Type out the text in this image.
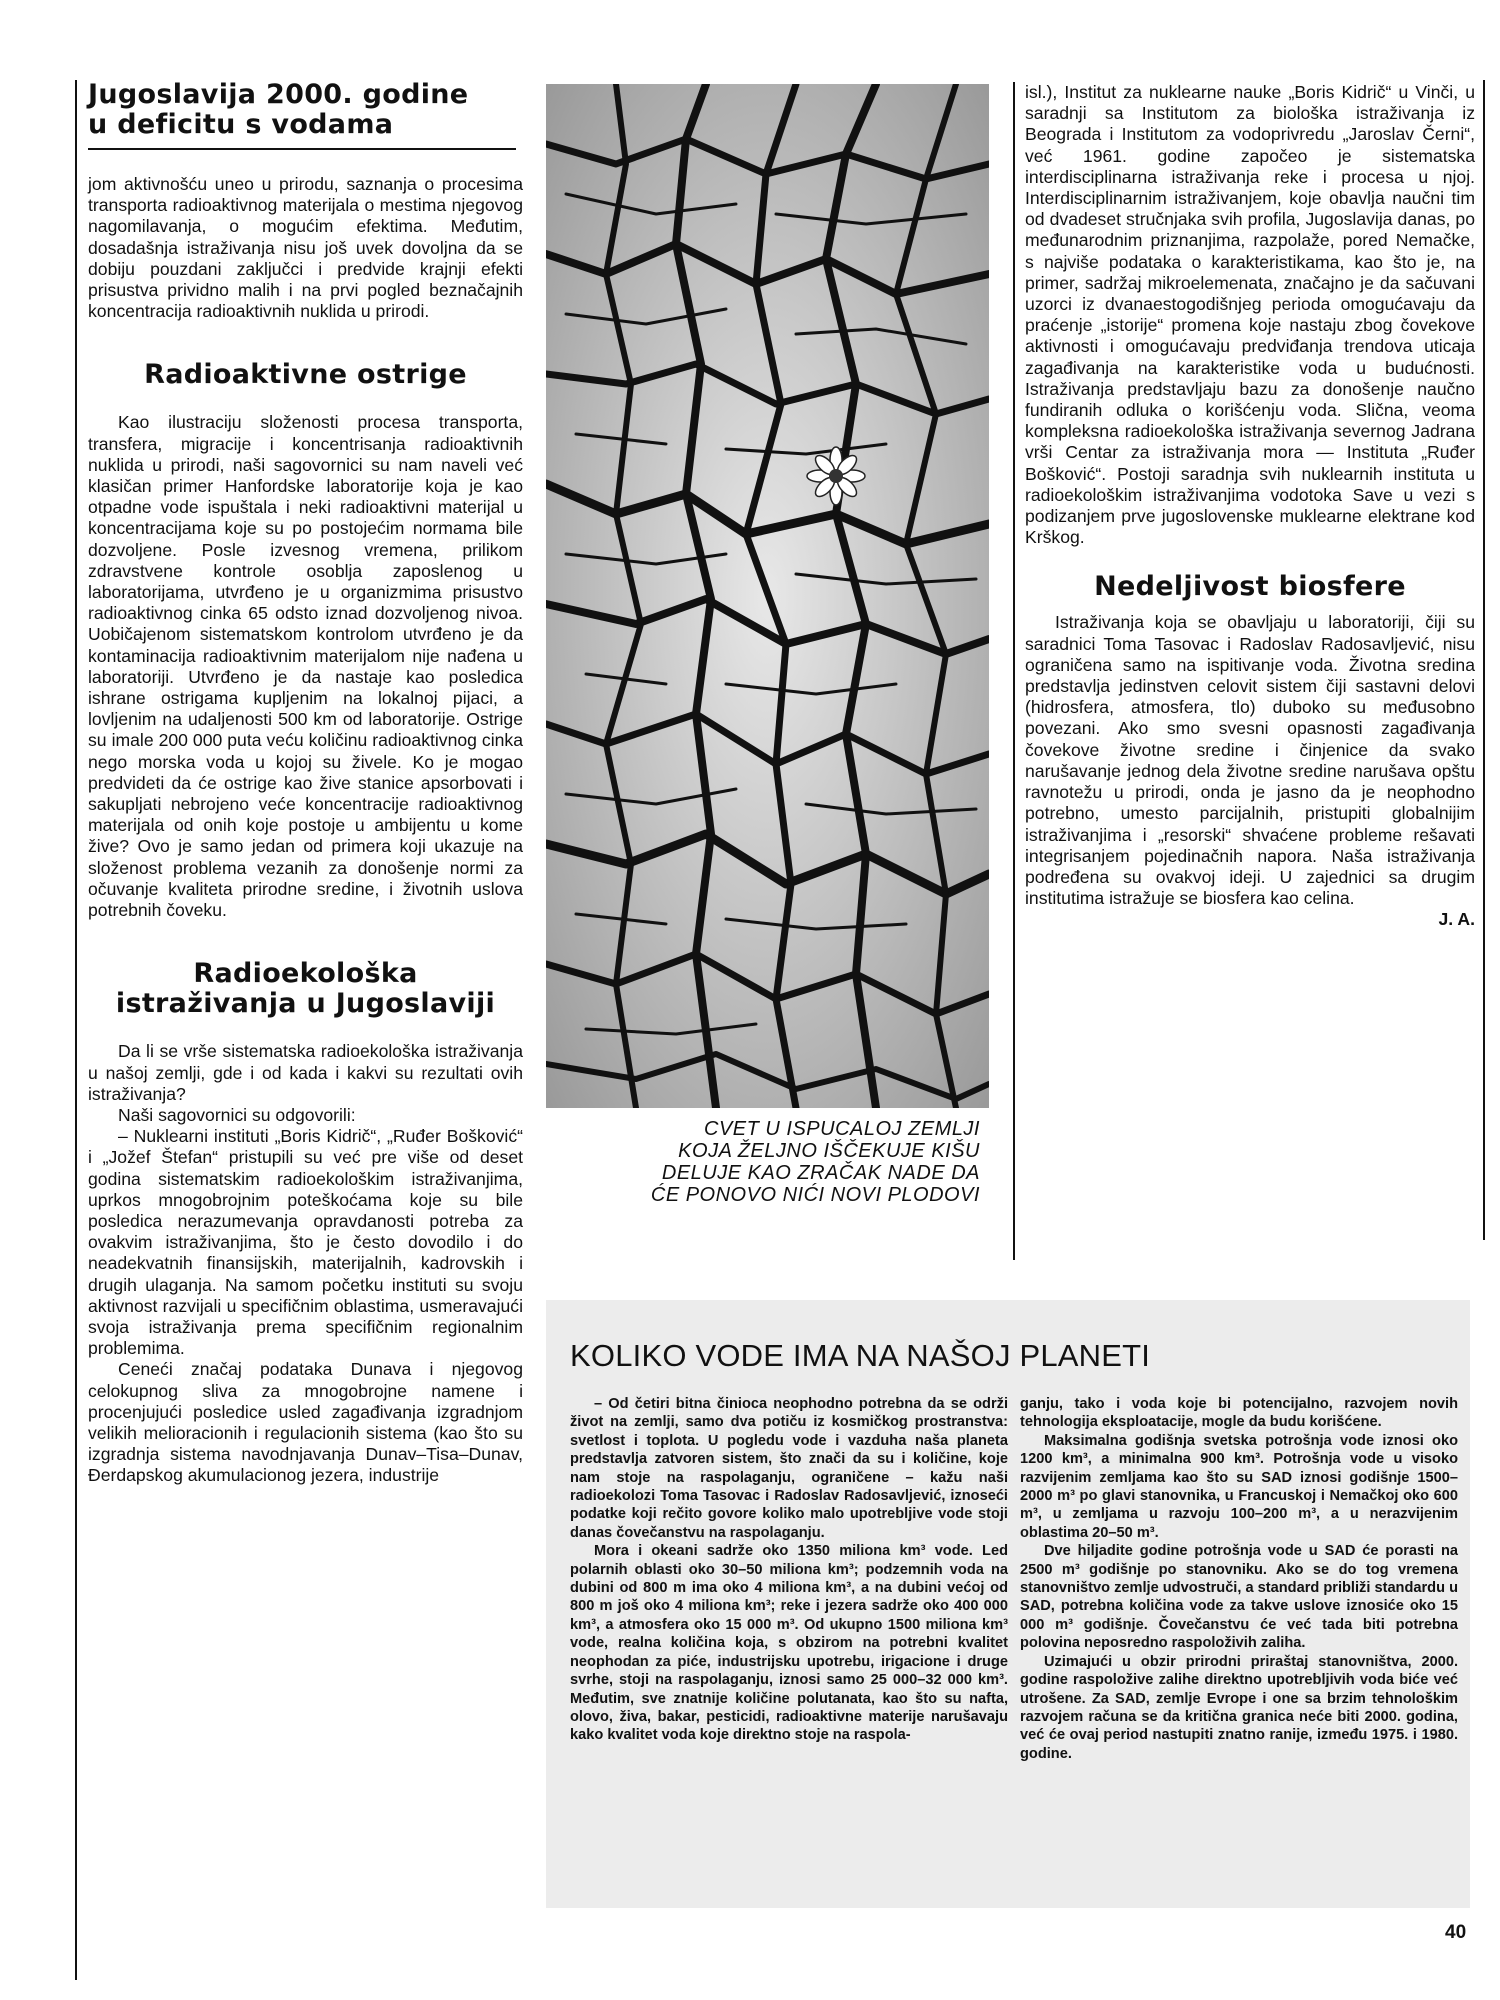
Jugoslavija 2000. godine
u deficitu s vodama

jom aktivnošću uneo u prirodu, saznanja o procesima transporta radioaktivnog materijala o mestima njegovog nagomilavanja, o mogućim efektima. Međutim, dosadašnja istraživanja nisu još uvek dovoljna da se dobiju pouzdani zaključci i predvide krajnji efekti prisustva prividno malih i na prvi pogled beznačajnih koncentracija radioaktivnih nuklida u prirodi.

Radioaktivne ostrige

Kao ilustraciju složenosti procesa transporta, transfera, migracije i koncentrisanja radioaktivnih nuklida u prirodi, naši sagovornici su nam naveli već klasičan primer Hanfordske laboratorije koja je kao otpadne vode ispuštala i neki radioaktivni materijal u koncentracijama koje su po postojećim normama bile dozvoljene. Posle izvesnog vremena, prilikom zdravstvene kontrole osoblja zaposlenog u laboratorijama, utvrđeno je u organizmima prisustvo radioaktivnog cinka 65 odsto iznad dozvoljenog nivoa. Uobičajenom sistematskom kontrolom utvrđeno je da kontaminacija radioaktivnim materijalom nije nađena u laboratoriji. Utvrđeno je da nastaje kao posledica ishrane ostrigama kupljenim na lokalnoj pijaci, a lovljenim na udaljenosti 500 km od laboratorije. Ostrige su imale 200 000 puta veću količinu radioaktivnog cinka nego morska voda u kojoj su živele. Ko je mogao predvideti da će ostrige kao žive stanice apsorbovati i sakupljati nebrojeno veće koncentracije radioaktivnog materijala od onih koje postoje u ambijentu u kome žive? Ovo je samo jedan od primera koji ukazuje na složenost problema vezanih za donošenje normi za očuvanje kvaliteta prirodne sredine, i životnih uslova potrebnih čoveku.

Radioekološka
istraživanja u Jugoslaviji

Da li se vrše sistematska radioekološka istraživanja u našoj zemlji, gde i od kada i kakvi su rezultati ovih istraživanja?

Naši sagovornici su odgovorili:

– Nuklearni instituti „Boris Kidrič“, „Ruđer Bošković“ i „Jožef Štefan“ pristupili su već pre više od deset godina sistematskim radioekološkim istraživanjima, uprkos mnogobrojnim poteškoćama koje su bile posledica nerazumevanja opravdanosti potreba za ovakvim istraživanjima, što je često dovodilo i do neadekvatnih finansijskih, materijalnih, kadrovskih i drugih ulaganja. Na samom početku instituti su svoju aktivnost razvijali u specifičnim oblastima, usmeravajući svoja istraživanja prema specifičnim regionalnim problemima.

Ceneći značaj podataka Dunava i njegovog celokupnog sliva za mnogobrojne namene i procenjujući posledice usled zagađivanja izgradnjom velikih melioracionih i regulacionih sistema (kao što su izgradnja sistema navodnjavanja Dunav–Tisa–Dunav, Đerdapskog akumulacionog jezera, industrije

CVET U ISPUCALOJ ZEMLJI KOJA ŽELJNO IŠČEKUJE KIŠU DELUJE KAO ZRAČAK NADE DA ĆE PONOVO NIĆI NOVI PLODOVI

isl.), Institut za nuklearne nauke „Boris Kidrič“ u Vinči, u saradnji sa Institutom za biološka istraživanja iz Beograda i Institutom za vodoprivredu „Jaroslav Černi“, već 1961. godine započeo je sistematska interdisciplinarna istraživanja reke i procesa u njoj. Interdisciplinarnim istraživanjem, koje obavlja naučni tim od dvadeset stručnjaka svih profila, Jugoslavija danas, po međunarodnim priznanjima, razpolaže, pored Nemačke, s najviše podataka o karakteristikama, kao što je, na primer, sadržaj mikroelemenata, značajno je da sačuvani uzorci iz dvanaestogodišnjeg perioda omogućavaju da praćenje „istorije“ promena koje nastaju zbog čovekove aktivnosti i omogućavaju predviđanja trendova uticaja zagađivanja na karakteristike voda u budućnosti. Istraživanja predstavljaju bazu za donošenje naučno fundiranih odluka o korišćenju voda. Slična, veoma kompleksna radioekološka istraživanja severnog Jadrana vrši Centar za istraživanja mora — Instituta „Ruđer Bošković“. Postoji saradnja svih nuklearnih instituta u radioekološkim istraživanjima vodotoka Save u vezi s podizanjem prve jugoslovenske muklearne elektrane kod Krškog.

Nedeljivost biosfere

Istraživanja koja se obavljaju u laboratoriji, čiji su saradnici Toma Tasovac i Radoslav Radosavljević, nisu ograničena samo na ispitivanje voda. Životna sredina predstavlja jedinstven celovit sistem čiji sastavni delovi (hidrosfera, atmosfera, tlo) duboko su međusobno povezani. Ako smo svesni opasnosti zagađivanja čovekove životne sredine i činjenice da svako narušavanje jednog dela životne sredine narušava opštu ravnotežu u prirodi, onda je jasno da je neophodno potrebno, umesto parcijalnih, pristupiti globalnijim istraživanjima i „resorski“ shvaćene probleme rešavati integrisanjem pojedinačnih napora. Naša istraživanja podređena su ovakvoj ideji. U zajednici sa drugim institutima istražuje se biosfera kao celina.

J. A.
KOLIKO VODE IMA NA NAŠOJ PLANETI

– Od četiri bitna činioca neophodno potrebna da se održi život na zemlji, samo dva potiču iz kosmičkog prostranstva: svetlost i toplota. U pogledu vode i vazduha naša planeta predstavlja zatvoren sistem, što znači da su i količine, koje nam stoje na raspolaganju, ograničene – kažu naši radioekolozi Toma Tasovac i Radoslav Radosavljević, iznoseći podatke koji rečito govore koliko malo upotrebljive vode stoji danas čovečanstvu na raspolaganju.

Mora i okeani sadrže oko 1350 miliona km³ vode. Led polarnih oblasti oko 30–50 miliona km³; podzemnih voda na dubini od 800 m ima oko 4 miliona km³, a na dubini većoj od 800 m još oko 4 miliona km³; reke i jezera sadrže oko 400 000 km³, a atmosfera oko 15 000 m³. Od ukupno 1500 miliona km³ vode, realna količina koja, s obzirom na potrebni kvalitet neophodan za piće, industrijsku upotrebu, irigacione i druge svrhe, stoji na raspolaganju, iznosi samo 25 000–32 000 km³. Međutim, sve znatnije količine polutanata, kao što su nafta, olovo, živa, bakar, pesticidi, radioaktivne materije narušavaju kako kvalitet voda koje direktno stoje na raspola-

ganju, tako i voda koje bi potencijalno, razvojem novih tehnologija eksploatacije, mogle da budu korišćene.

Maksimalna godišnja svetska potrošnja vode iznosi oko 1200 km³, a minimalna 900 km³. Potrošnja vode u visoko razvijenim zemljama kao što su SAD iznosi godišnje 1500–2000 m³ po glavi stanovnika, u Francuskoj i Nemačkoj oko 600 m³, u zemljama u razvoju 100–200 m³, a u nerazvijenim oblastima 20–50 m³.

Dve hiljadite godine potrošnja vode u SAD će porasti na 2500 m³ godišnje po stanovniku. Ako se do tog vremena stanovništvo zemlje udvostruči, a standard približi standardu u SAD, potrebna količina vode za takve uslove iznosiće oko 15 000 m³ godišnje. Čovečanstvu će već tada biti potrebna polovina neposredno raspoloživih zaliha.

Uzimajući u obzir prirodni priraštaj stanovništva, 2000. godine raspoložive zalihe direktno upotrebljivih voda biće već utrošene. Za SAD, zemlje Evrope i one sa brzim tehnološkim razvojem računa se da kritična granica neće biti 2000. godina, već će ovaj period nastupiti znatno ranije, između 1975. i 1980. godine.

40
